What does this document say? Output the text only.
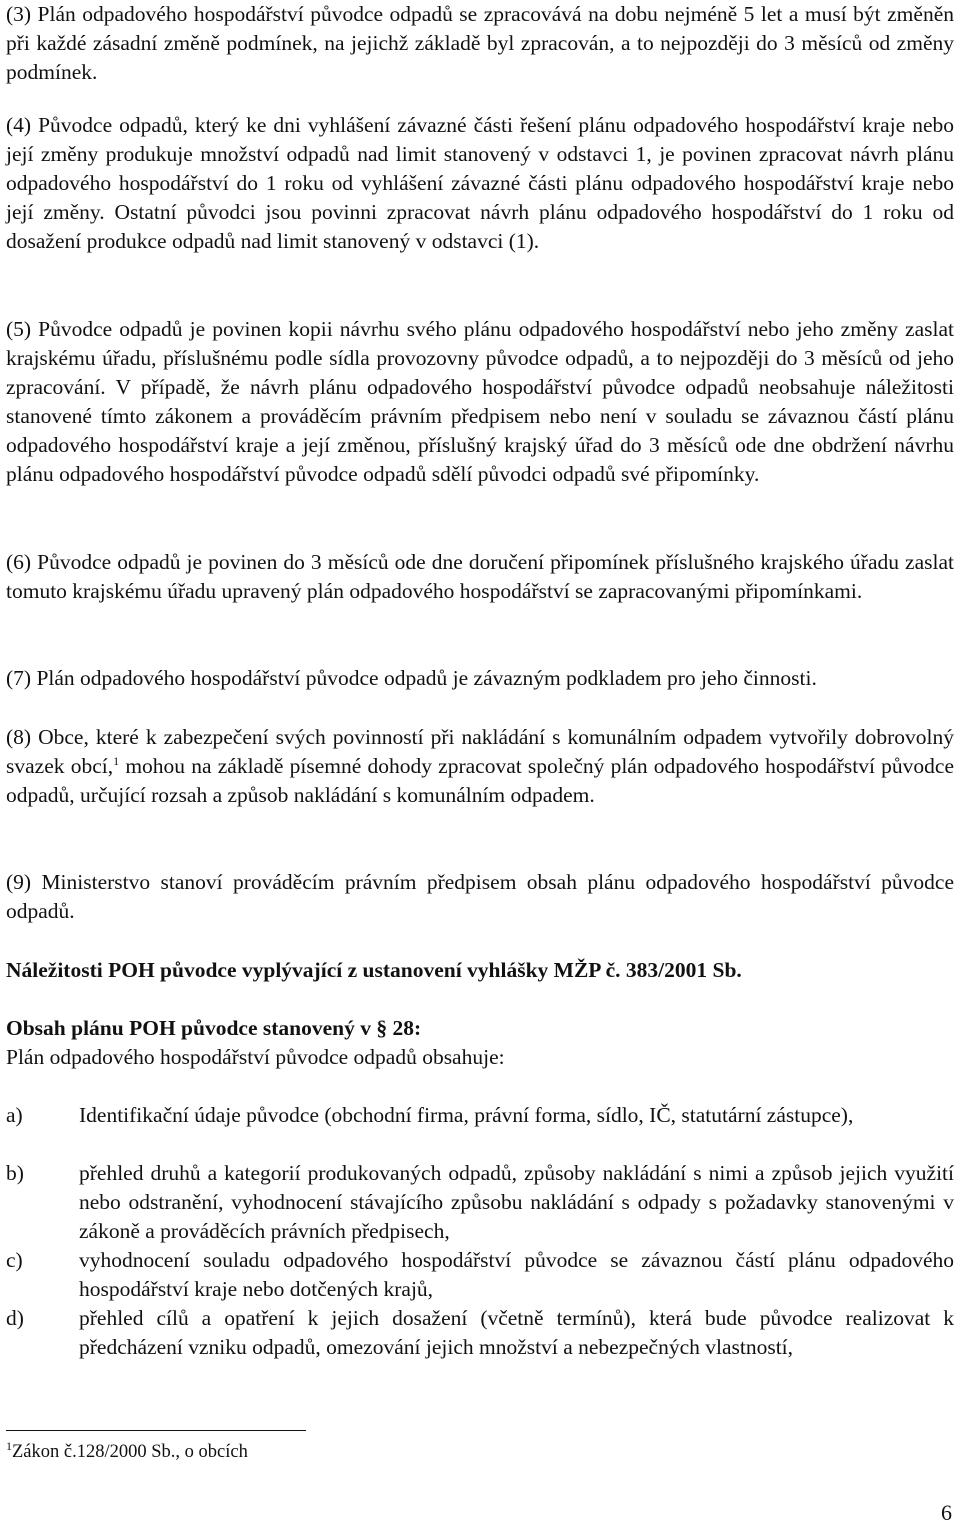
(3) Plán odpadového hospodářství původce odpadů se zpracovává na dobu nejméně 5 let a musí být změněn při každé zásadní změně podmínek, na jejichž základě byl zpracován, a to nejpozději do 3 měsíců od změny podmínek.

(4) Původce odpadů, který ke dni vyhlášení závazné části řešení plánu odpadového hospodářství kraje nebo její změny produkuje množství odpadů nad limit stanovený v odstavci 1, je povinen zpracovat návrh plánu odpadového hospodářství do 1 roku od vyhlášení závazné části plánu odpadového hospodářství kraje nebo její změny. Ostatní původci jsou povinni zpracovat návrh plánu odpadového hospodářství do 1 roku od dosažení produkce odpadů nad limit stanovený v odstavci (1).

(5) Původce odpadů je povinen kopii návrhu svého plánu odpadového hospodářství nebo jeho změny zaslat krajskému úřadu, příslušnému podle sídla provozovny původce odpadů, a to nejpozději do 3 měsíců od jeho zpracování. V případě, že návrh plánu odpadového hospodářství původce odpadů neobsahuje náležitosti stanovené tímto zákonem a prováděcím právním předpisem nebo není v souladu se závaznou částí plánu odpadového hospodářství kraje a její změnou, příslušný krajský úřad do 3 měsíců ode dne obdržení návrhu plánu odpadového hospodářství původce odpadů sdělí původci odpadů své připomínky.

(6) Původce odpadů je povinen do 3 měsíců ode dne doručení připomínek příslušného krajského úřadu zaslat tomuto krajskému úřadu upravený plán odpadového hospodářství se zapracovanými připomínkami.

(7) Plán odpadového hospodářství původce odpadů je závazným podkladem pro jeho činnosti.

(8) Obce, které k zabezpečení svých povinností při nakládání s komunálním odpadem vytvořily dobrovolný svazek obcí,$^1$ mohou na základě písemné dohody zpracovat společný plán odpadového hospodářství původce odpadů, určující rozsah a způsob nakládání s komunálním odpadem.

(9) Ministerstvo stanoví prováděcím právním předpisem obsah plánu odpadového hospodářství původce odpadů.

Náležitosti POH původce vyplývající z ustanovení vyhlášky MŽP č. 383/2001 Sb.

Obsah plánu POH původce stanovený v § 28:

Plán odpadového hospodářství původce odpadů obsahuje:

a)	Identifikační údaje původce (obchodní firma, právní forma, sídlo, IČ, statutární zástupce),

b)	přehled druhů a kategorií produkovaných odpadů, způsoby nakládání s nimi a způsob jejich využití nebo odstranění, vyhodnocení stávajícího způsobu nakládání s odpady s požadavky stanovenými v zákoně a prováděcích právních předpisech,

c)	vyhodnocení souladu odpadového hospodářství původce se závaznou částí plánu odpadového hospodářství kraje nebo dotčených krajů,

d)	přehled cílů a opatření k jejich dosažení (včetně termínů), která bude původce realizovat k předcházení vzniku odpadů, omezování jejich množství a nebezpečných vlastností,

$^1$Zákon č.128/2000 Sb., o obcích
6
